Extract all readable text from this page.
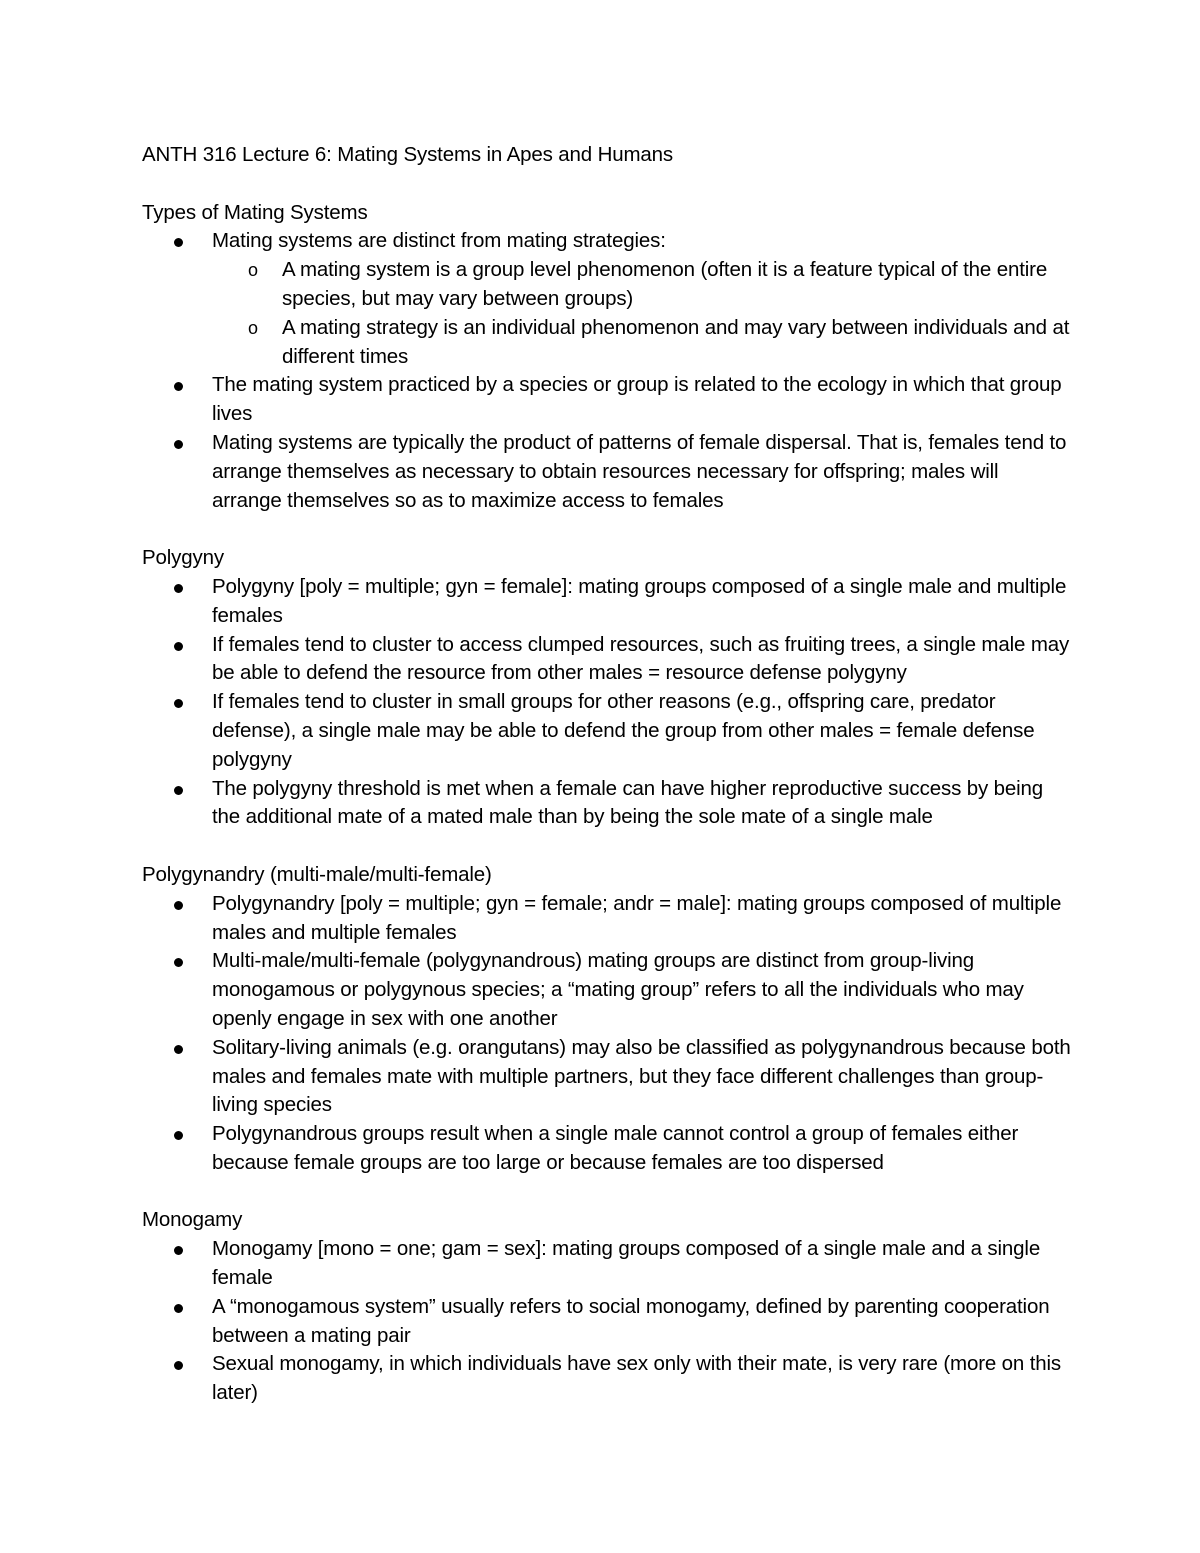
ANTH 316 Lecture 6: Mating Systems in Apes and Humans
Types of Mating Systems
Mating systems are distinct from mating strategies:
o A mating system is a group level phenomenon (often it is a feature typical of the entire species, but may vary between groups)
o A mating strategy is an individual phenomenon and may vary between individuals and at different times
The mating system practiced by a species or group is related to the ecology in which that group lives
Mating systems are typically the product of patterns of female dispersal. That is, females tend to arrange themselves as necessary to obtain resources necessary for offspring; males will arrange themselves so as to maximize access to females
Polygyny
Polygyny [poly = multiple; gyn = female]: mating groups composed of a single male and multiple females
If females tend to cluster to access clumped resources, such as fruiting trees, a single male may be able to defend the resource from other males = resource defense polygyny
If females tend to cluster in small groups for other reasons (e.g., offspring care, predator defense), a single male may be able to defend the group from other males = female defense polygyny
The polygyny threshold is met when a female can have higher reproductive success by being the additional mate of a mated male than by being the sole mate of a single male
Polygynandry (multi-male/multi-female)
Polygynandry [poly = multiple; gyn = female; andr = male]: mating groups composed of multiple males and multiple females
Multi-male/multi-female (polygynandrous) mating groups are distinct from group-living monogamous or polygynous species; a “mating group” refers to all the individuals who may openly engage in sex with one another
Solitary-living animals (e.g. orangutans) may also be classified as polygynandrous because both males and females mate with multiple partners, but they face different challenges than group-living species
Polygynandrous groups result when a single male cannot control a group of females either because female groups are too large or because females are too dispersed
Monogamy
Monogamy [mono = one; gam = sex]: mating groups composed of a single male and a single female
A “monogamous system” usually refers to social monogamy, defined by parenting cooperation between a mating pair
Sexual monogamy, in which individuals have sex only with their mate, is very rare (more on this later)
